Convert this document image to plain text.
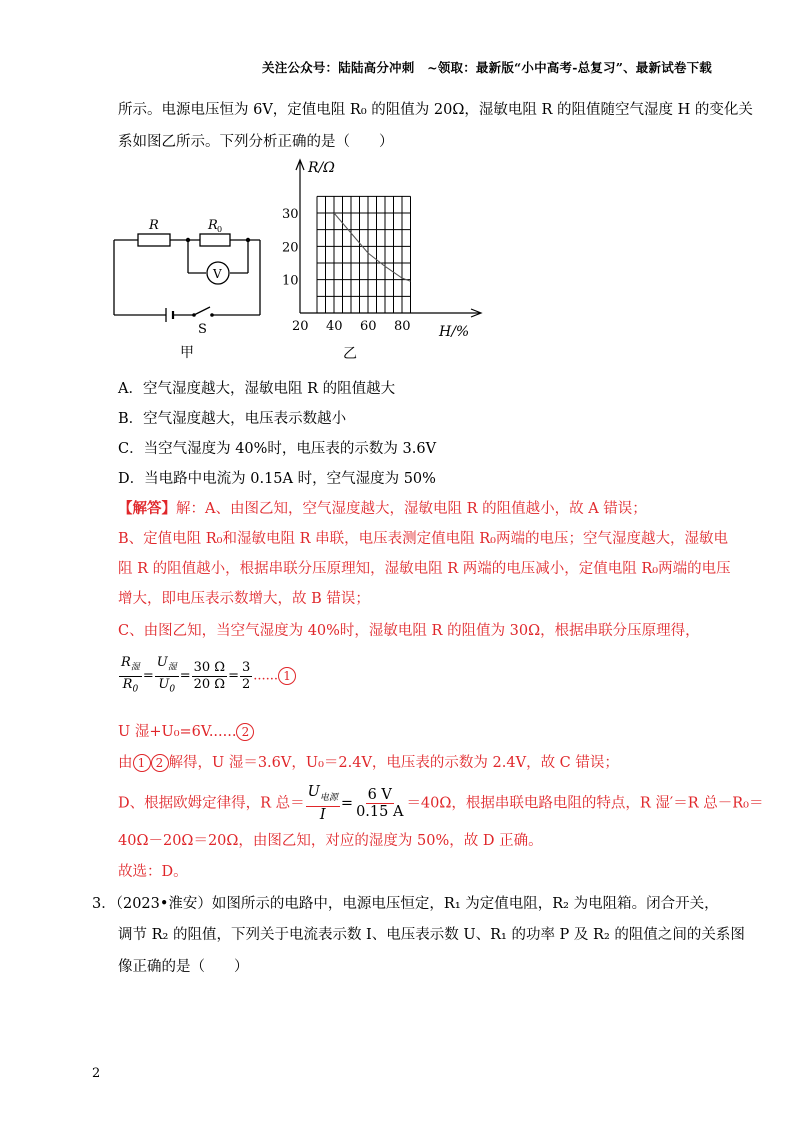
关注公众号：陆陆高分冲刺　~领取：最新版“小中高考-总复习”、最新试卷下载
所示。电源电压恒为 6V，定值电阻 R₀ 的阻值为 20Ω，湿敏电阻 R 的阻值随空气湿度 H 的变化关
系如图乙所示。下列分析正确的是（　　）
R	R 0
V
S
甲
20 40 60 80
10
20
30
R/Ω
H/%
乙
A．空气湿度越大，湿敏电阻 R 的阻值越大
B．空气湿度越大，电压表示数越小
C．当空气湿度为 40%时，电压表的示数为 3.6V
D．当电路中电流为 0.15A 时，空气湿度为 50%
【解答】解：A、由图乙知，空气湿度越大，湿敏电阻 R 的阻值越小，故 A 错误；
B、定值电阻 R₀和湿敏电阻 R 串联，电压表测定值电阻 R₀两端的电压；空气湿度越大，湿敏电
阻 R 的阻值越小，根据串联分压原理知，湿敏电阻 R 两端的电压减小，定值电阻 R₀两端的电压
增大，即电压表示数增大，故 B 错误；
C、由图乙知，当空气湿度为 40%时，湿敏电阻 R 的阻值为 30Ω，根据串联分压原理得，
$\frac{R_湿}{R_0} = \frac{U_湿}{U_0} = \frac{30 \Omega}{20 \Omega} = \frac{3}{2}$ ...... 1
U 湿+U₀=6V...... 2
由 1 2 解得，U 湿＝3.6V，U₀＝2.4V，电压表的示数为 2.4V，故 C 错误；
D、根据欧姆定律得，R 总＝ $\frac{U_{电源}}{I} = \frac{6 V}{0.15 A} =40\Omega$，根据串联电路电阻的特点，R 湿′＝R 总－R₀＝
40Ω－20Ω＝20Ω，由图乙知，对应的湿度为 50%，故 D 正确。
故选：D。
3．（2023•淮安）如图所示的电路中，电源电压恒定，R₁ 为定值电阻，R₂ 为电阻箱。闭合开关，
调节 R₂ 的阻值，下列关于电流表示数 I、电压表示数 U、R₁ 的功率 P 及 R₂ 的阻值之间的关系图
像正确的是（　　）
2
